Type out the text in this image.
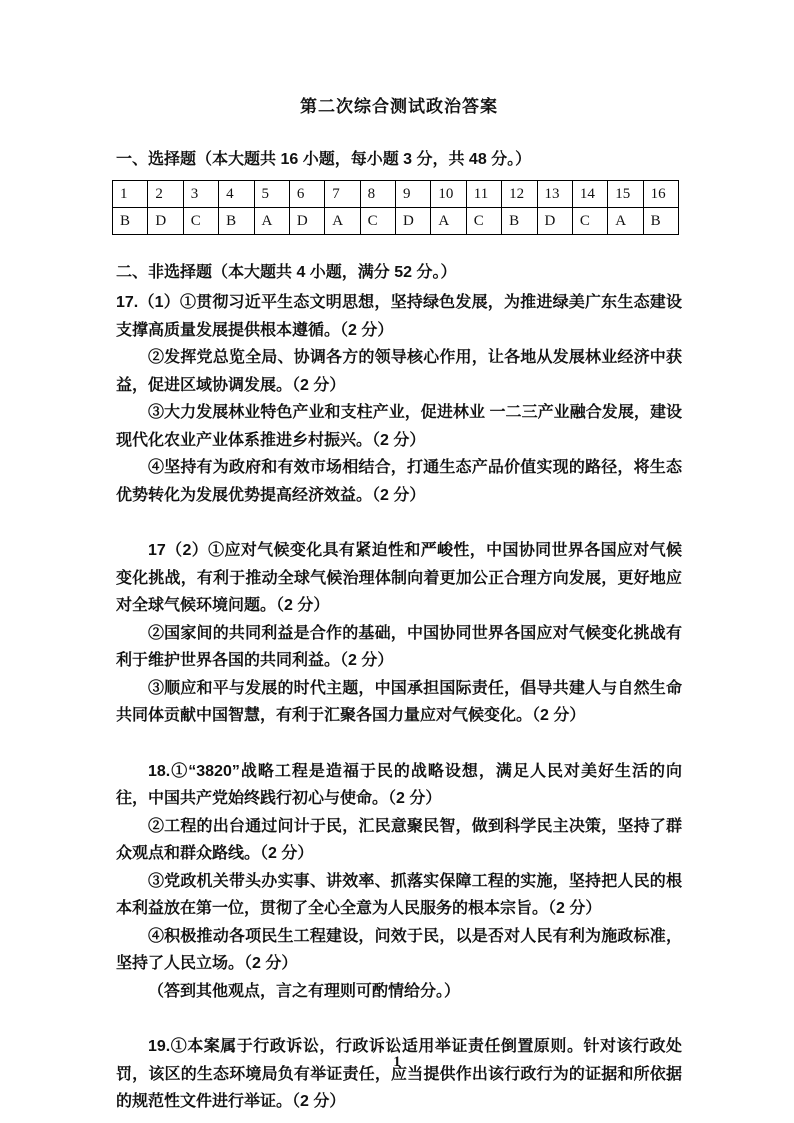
第二次综合测试政治答案

一、选择题（本大题共 16 小题，每小题 3 分，共 48 分。）

1	2	3	4	5	6	7	8	9	10	11	12	13	14	15	16
B	D	C	B	A	D	A	C	D	A	C	B	D	C	A	B

二、非选择题（本大题共 4 小题，满分 52 分。）

17.（1）①贯彻习近平生态文明思想，坚持绿色发展，为推进绿美广东生态建设支撑高质量发展提供根本遵循。（2 分）

②发挥党总览全局、协调各方的领导核心作用，让各地从发展林业经济中获益，促进区域协调发展。（2 分）

③大力发展林业特色产业和支柱产业，促进林业 一二三产业融合发展，建设现代化农业产业体系推进乡村振兴。（2 分）

④坚持有为政府和有效市场相结合，打通生态产品价值实现的路径，将生态优势转化为发展优势提高经济效益。（2 分）

17（2）①应对气候变化具有紧迫性和严峻性，中国协同世界各国应对气候变化挑战，有利于推动全球气候治理体制向着更加公正合理方向发展，更好地应对全球气候环境问题。（2 分）

②国家间的共同利益是合作的基础，中国协同世界各国应对气候变化挑战有利于维护世界各国的共同利益。（2 分）

③顺应和平与发展的时代主题，中国承担国际责任，倡导共建人与自然生命共同体贡献中国智慧，有利于汇聚各国力量应对气候变化。（2 分）

18.①“3820”战略工程是造福于民的战略设想，满足人民对美好生活的向往，中国共产党始终践行初心与使命。（2 分）

②工程的出台通过问计于民，汇民意聚民智，做到科学民主决策，坚持了群众观点和群众路线。（2 分）

③党政机关带头办实事、讲效率、抓落实保障工程的实施，坚持把人民的根本利益放在第一位，贯彻了全心全意为人民服务的根本宗旨。（2 分）

④积极推动各项民生工程建设，问效于民，以是否对人民有利为施政标准，坚持了人民立场。（2 分）

（答到其他观点，言之有理则可酌情给分。）

19.①本案属于行政诉讼，行政诉讼适用举证责任倒置原则。针对该行政处罚，该区的生态环境局负有举证责任，应当提供作出该行政行为的证据和所依据的规范性文件进行举证。（2 分）

1
